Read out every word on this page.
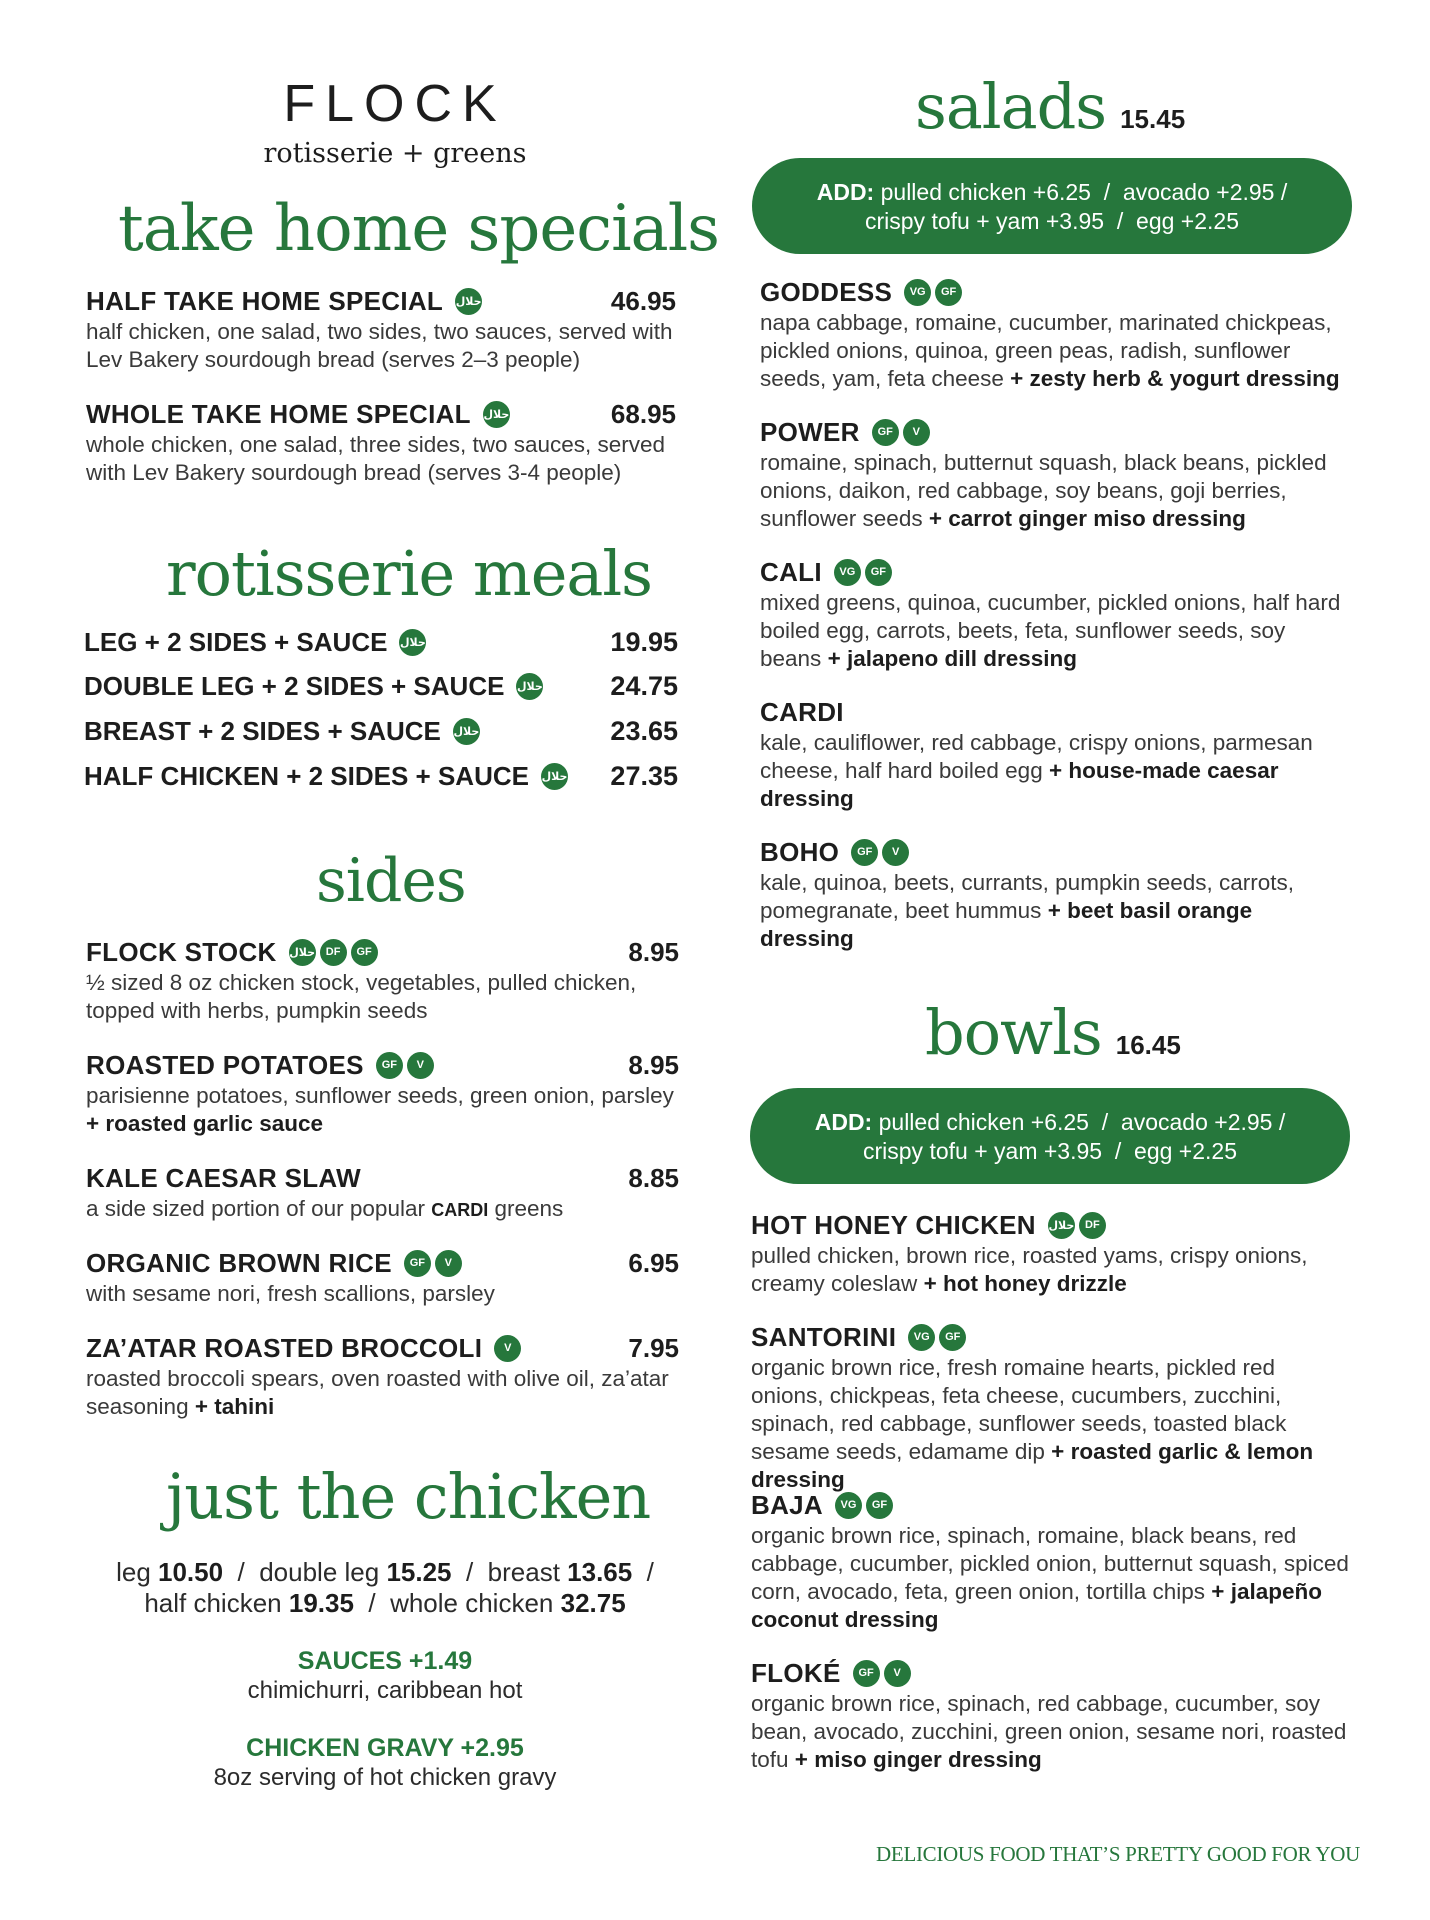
FLOCK
rotisserie + greens
take home specials
HALF TAKE HOME SPECIAL حلال	46.95
half chicken, one salad, two sides, two sauces, served with Lev Bakery sourdough bread (serves 2–3 people)
WHOLE TAKE HOME SPECIAL حلال	68.95
whole chicken, one salad, three sides, two sauces, served with Lev Bakery sourdough bread (serves 3-4 people)
rotisserie meals
LEG + 2 SIDES + SAUCE حلال	19.95
DOUBLE LEG + 2 SIDES + SAUCE حلال	24.75
BREAST + 2 SIDES + SAUCE حلال	23.65
HALF CHICKEN + 2 SIDES + SAUCE حلال 27.35
sides
FLOCK STOCK حلال DF	GF	8.95
½ sized 8 oz chicken stock, vegetables, pulled chicken, topped with herbs, pumpkin seeds
ROASTED POTATOES	GF	V	8.95
parisienne potatoes, sunflower seeds, green onion, parsley + roasted garlic sauce
KALE CAESAR SLAW	8.85
a side sized portion of our popular CARDI greens
ORGANIC BROWN RICE	GF	V	6.95
with sesame nori, fresh scallions, parsley
ZA’ATAR ROASTED BROCCOLI	V	7.95
roasted broccoli spears, oven roasted with olive oil, za’atar seasoning + tahini
just the chicken
leg 10.50  /  double leg 15.25  /  breast 13.65  /
half chicken 19.35  /  whole chicken 32.75
SAUCES +1.49
chimichurri, caribbean hot
CHICKEN GRAVY +2.95
8oz serving of hot chicken gravy
salads 15.45
ADD: pulled chicken +6.25  /  avocado +2.95 /
crispy tofu + yam +3.95  /  egg +2.25
GODDESS	VG	GF
napa cabbage, romaine, cucumber, marinated chickpeas, pickled onions, quinoa, green peas, radish, sunflower seeds, yam, feta cheese + zesty herb & yogurt dressing
POWER	GF	V
romaine, spinach, butternut squash, black beans, pickled onions, daikon, red cabbage, soy beans, goji berries, sunflower seeds + carrot ginger miso dressing
CALI	VG	GF
mixed greens, quinoa, cucumber, pickled onions, half hard boiled egg, carrots, beets, feta, sunflower seeds, soy beans + jalapeno dill dressing
CARDI
kale, cauliflower, red cabbage, crispy onions, parmesan cheese, half hard boiled egg + house-made caesar dressing
BOHO	GF	V
kale, quinoa, beets, currants, pumpkin seeds, carrots, pomegranate, beet hummus + beet basil orange dressing
bowls 16.45
ADD: pulled chicken +6.25  /  avocado +2.95 /
crispy tofu + yam +3.95  /  egg +2.25
HOT HONEY CHICKEN حلال DF
pulled chicken, brown rice, roasted yams, crispy onions, creamy coleslaw + hot honey drizzle
SANTORINI	VG	GF
organic brown rice, fresh romaine hearts, pickled red onions, chickpeas, feta cheese, cucumbers, zucchini, spinach, red cabbage, sunflower seeds, toasted black sesame seeds, edamame dip + roasted garlic & lemon dressing
BAJA	VG	GF
organic brown rice, spinach, romaine, black beans, red cabbage, cucumber, pickled onion, butternut squash, spiced corn, avocado, feta, green onion, tortilla chips + jalapeño coconut dressing
FLOKÉ	GF	V
organic brown rice, spinach, red cabbage, cucumber, soy bean, avocado, zucchini, green onion, sesame nori, roasted tofu + miso ginger dressing
DELICIOUS FOOD THAT’S PRETTY GOOD FOR YOU
